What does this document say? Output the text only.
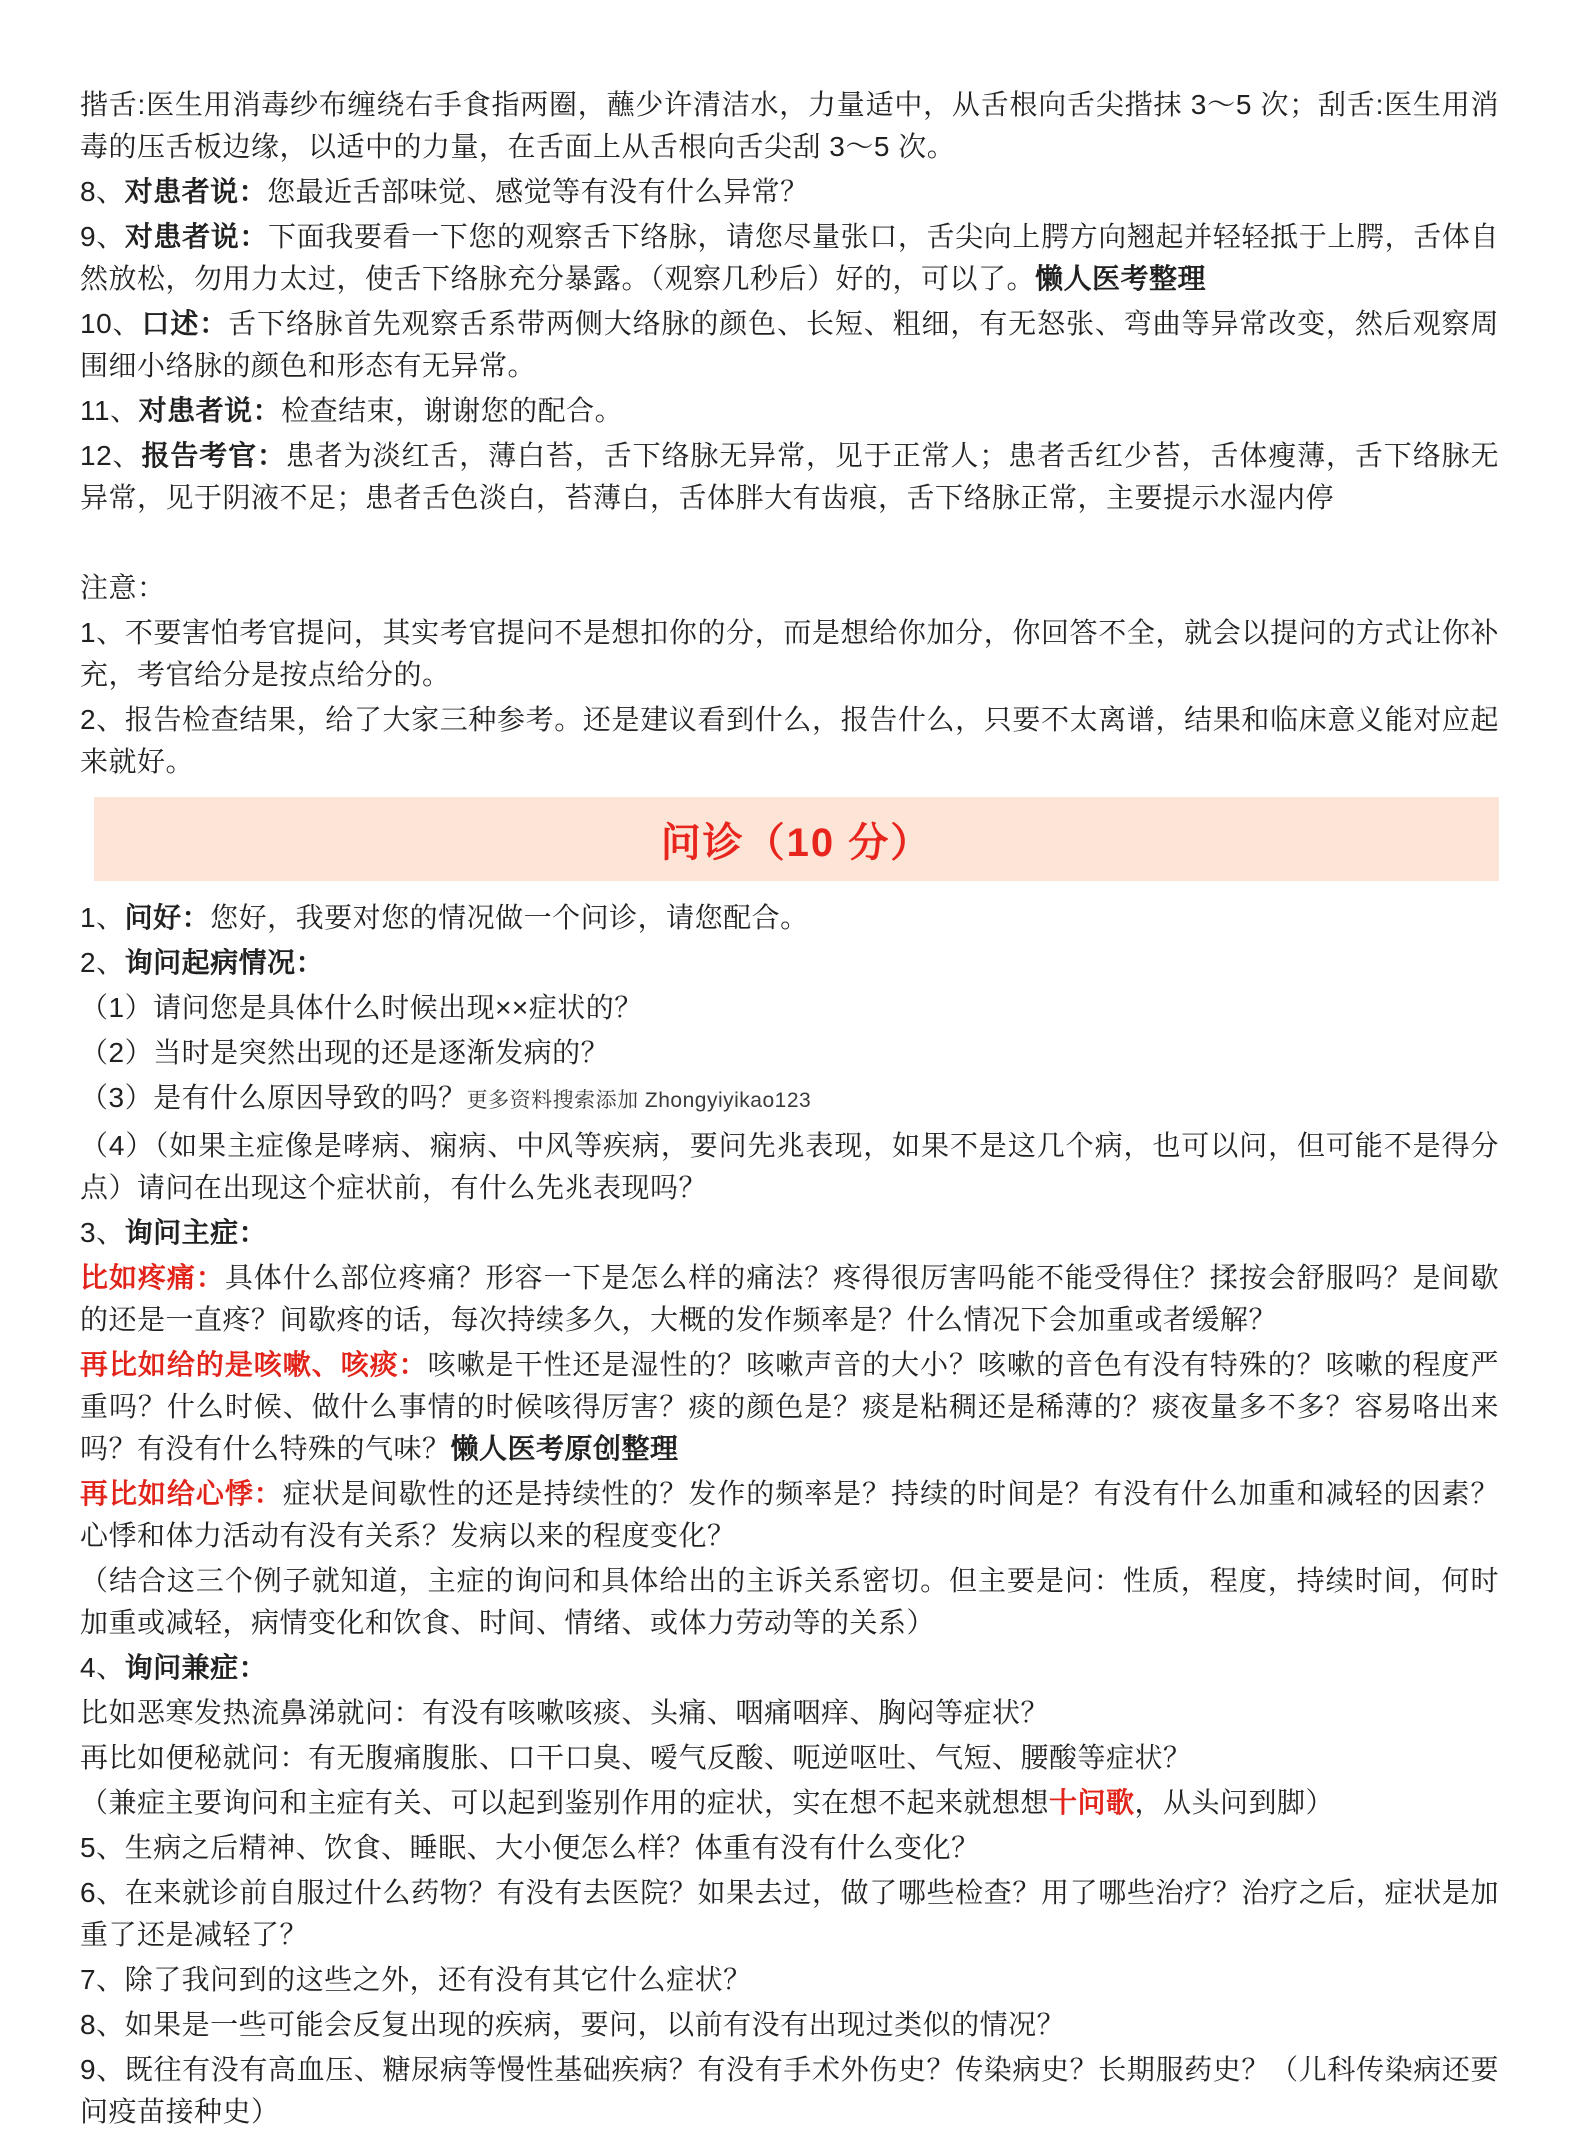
揩舌:医生用消毒纱布缠绕右手食指两圈，蘸少许清洁水，力量适中，从舌根向舌尖揩抹 3～5 次；刮舌:医生用消毒的压舌板边缘，以适中的力量，在舌面上从舌根向舌尖刮 3～5 次。

8、对患者说：您最近舌部味觉、感觉等有没有什么异常？

9、对患者说：下面我要看一下您的观察舌下络脉，请您尽量张口，舌尖向上腭方向翘起并轻轻抵于上腭，舌体自然放松，勿用力太过，使舌下络脉充分暴露。（观察几秒后）好的，可以了。懒人医考整理

10、口述：舌下络脉首先观察舌系带两侧大络脉的颜色、长短、粗细，有无怒张、弯曲等异常改变，然后观察周围细小络脉的颜色和形态有无异常。

11、对患者说：检查结束，谢谢您的配合。

12、报告考官：患者为淡红舌，薄白苔，舌下络脉无异常，见于正常人；患者舌红少苔，舌体瘦薄，舌下络脉无异常，见于阴液不足；患者舌色淡白，苔薄白，舌体胖大有齿痕，舌下络脉正常，主要提示水湿内停

注意：

1、不要害怕考官提问，其实考官提问不是想扣你的分，而是想给你加分，你回答不全，就会以提问的方式让你补充，考官给分是按点给分的。

2、报告检查结果，给了大家三种参考。还是建议看到什么，报告什么，只要不太离谱，结果和临床意义能对应起来就好。

问诊（10 分）

1、问好：您好，我要对您的情况做一个问诊，请您配合。

2、询问起病情况：

（1）请问您是具体什么时候出现××症状的？

（2）当时是突然出现的还是逐渐发病的？

（3）是有什么原因导致的吗？更多资料搜索添加 Zhongyiyikao123

（4）（如果主症像是哮病、痫病、中风等疾病，要问先兆表现，如果不是这几个病，也可以问，但可能不是得分点）请问在出现这个症状前，有什么先兆表现吗？

3、询问主症：

比如疼痛：具体什么部位疼痛？形容一下是怎么样的痛法？疼得很厉害吗能不能受得住？揉按会舒服吗？是间歇的还是一直疼？间歇疼的话，每次持续多久，大概的发作频率是？什么情况下会加重或者缓解？

再比如给的是咳嗽、咳痰：咳嗽是干性还是湿性的？咳嗽声音的大小？咳嗽的音色有没有特殊的？咳嗽的程度严重吗？什么时候、做什么事情的时候咳得厉害？痰的颜色是？痰是粘稠还是稀薄的？痰夜量多不多？容易咯出来吗？有没有什么特殊的气味？懒人医考原创整理

再比如给心悸：症状是间歇性的还是持续性的？发作的频率是？持续的时间是？有没有什么加重和减轻的因素？心悸和体力活动有没有关系？发病以来的程度变化？

（结合这三个例子就知道，主症的询问和具体给出的主诉关系密切。但主要是问：性质，程度，持续时间，何时加重或减轻，病情变化和饮食、时间、情绪、或体力劳动等的关系）

4、询问兼症：

比如恶寒发热流鼻涕就问：有没有咳嗽咳痰、头痛、咽痛咽痒、胸闷等症状？

再比如便秘就问：有无腹痛腹胀、口干口臭、嗳气反酸、呃逆呕吐、气短、腰酸等症状？

（兼症主要询问和主症有关、可以起到鉴别作用的症状，实在想不起来就想想十问歌，从头问到脚）

5、生病之后精神、饮食、睡眠、大小便怎么样？体重有没有什么变化？

6、在来就诊前自服过什么药物？有没有去医院？如果去过，做了哪些检查？用了哪些治疗？治疗之后，症状是加重了还是减轻了？

7、除了我问到的这些之外，还有没有其它什么症状？

8、如果是一些可能会反复出现的疾病，要问，以前有没有出现过类似的情况？

9、既往有没有高血压、糖尿病等慢性基础疾病？有没有手术外伤史？传染病史？长期服药史？（儿科传染病还要问疫苗接种史）
